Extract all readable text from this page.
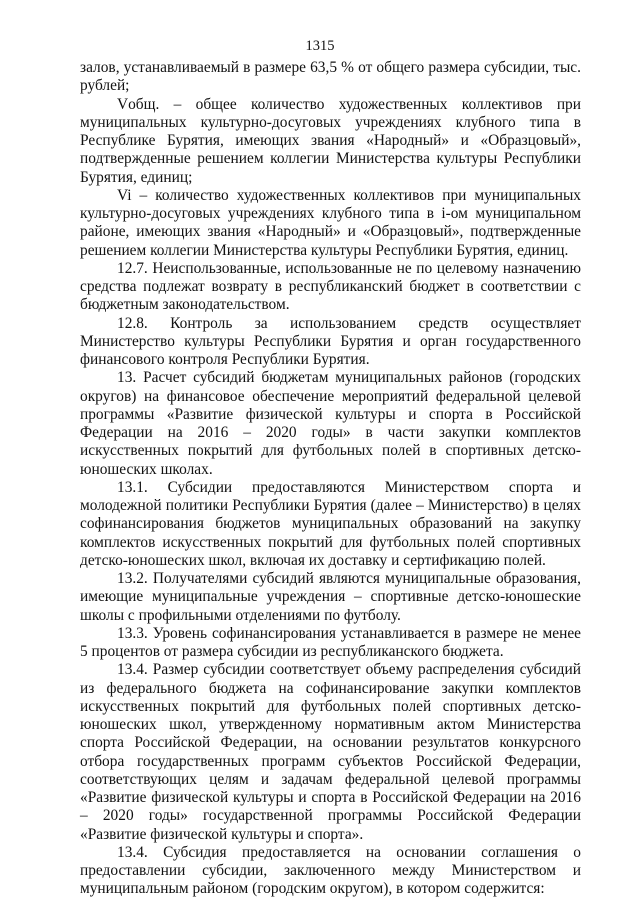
1315

залов, устанавливаемый в размере 63,5 % от общего размера субсидии, тыс. рублей;

Vобщ. – общее количество художественных коллективов при муниципальных культурно-досуговых учреждениях клубного типа в Республике Бурятия, имеющих звания «Народный» и «Образцовый», подтвержденные решением коллегии Министерства культуры Республики Бурятия, единиц;

Vi – количество художественных коллективов при муниципальных культурно-досуговых учреждениях клубного типа в i-ом муниципальном районе, имеющих звания «Народный» и «Образцовый», подтвержденные решением коллегии Министерства культуры Республики Бурятия, единиц.

12.7. Неиспользованные, использованные не по целевому назначению средства подлежат возврату в республиканский бюджет в соответствии с бюджетным законодательством.

12.8. Контроль за использованием средств осуществляет Министерство культуры Республики Бурятия и орган государственного финансового контроля Республики Бурятия.

13. Расчет субсидий бюджетам муниципальных районов (городских округов) на финансовое обеспечение мероприятий федеральной целевой программы «Развитие физической культуры и спорта в Российской Федерации на 2016 – 2020 годы» в части закупки комплектов искусственных покрытий для футбольных полей в спортивных детско-юношеских школах.

13.1. Субсидии предоставляются Министерством спорта и молодежной политики Республики Бурятия (далее – Министерство) в целях софинансирования бюджетов муниципальных образований на закупку комплектов искусственных покрытий для футбольных полей спортивных детско-юношеских школ, включая их доставку и сертификацию полей.

13.2. Получателями субсидий являются муниципальные образования, имеющие муниципальные учреждения – спортивные детско-юношеские школы с профильными отделениями по футболу.

13.3. Уровень софинансирования устанавливается в размере не менее 5 процентов от размера субсидии из республиканского бюджета.

13.4. Размер субсидии соответствует объему распределения субсидий из федерального бюджета на софинансирование закупки комплектов искусственных покрытий для футбольных полей спортивных детско-юношеских школ, утвержденному нормативным актом Министерства спорта Российской Федерации, на основании результатов конкурсного отбора государственных программ субъектов Российской Федерации, соответствующих целям и задачам федеральной целевой программы «Развитие физической культуры и спорта в Российской Федерации на 2016 – 2020 годы» государственной программы Российской Федерации «Развитие физической культуры и спорта».

13.4. Субсидия предоставляется на основании соглашения о предоставлении субсидии, заключенного между Министерством и муниципальным районом (городским округом), в котором содержится:
